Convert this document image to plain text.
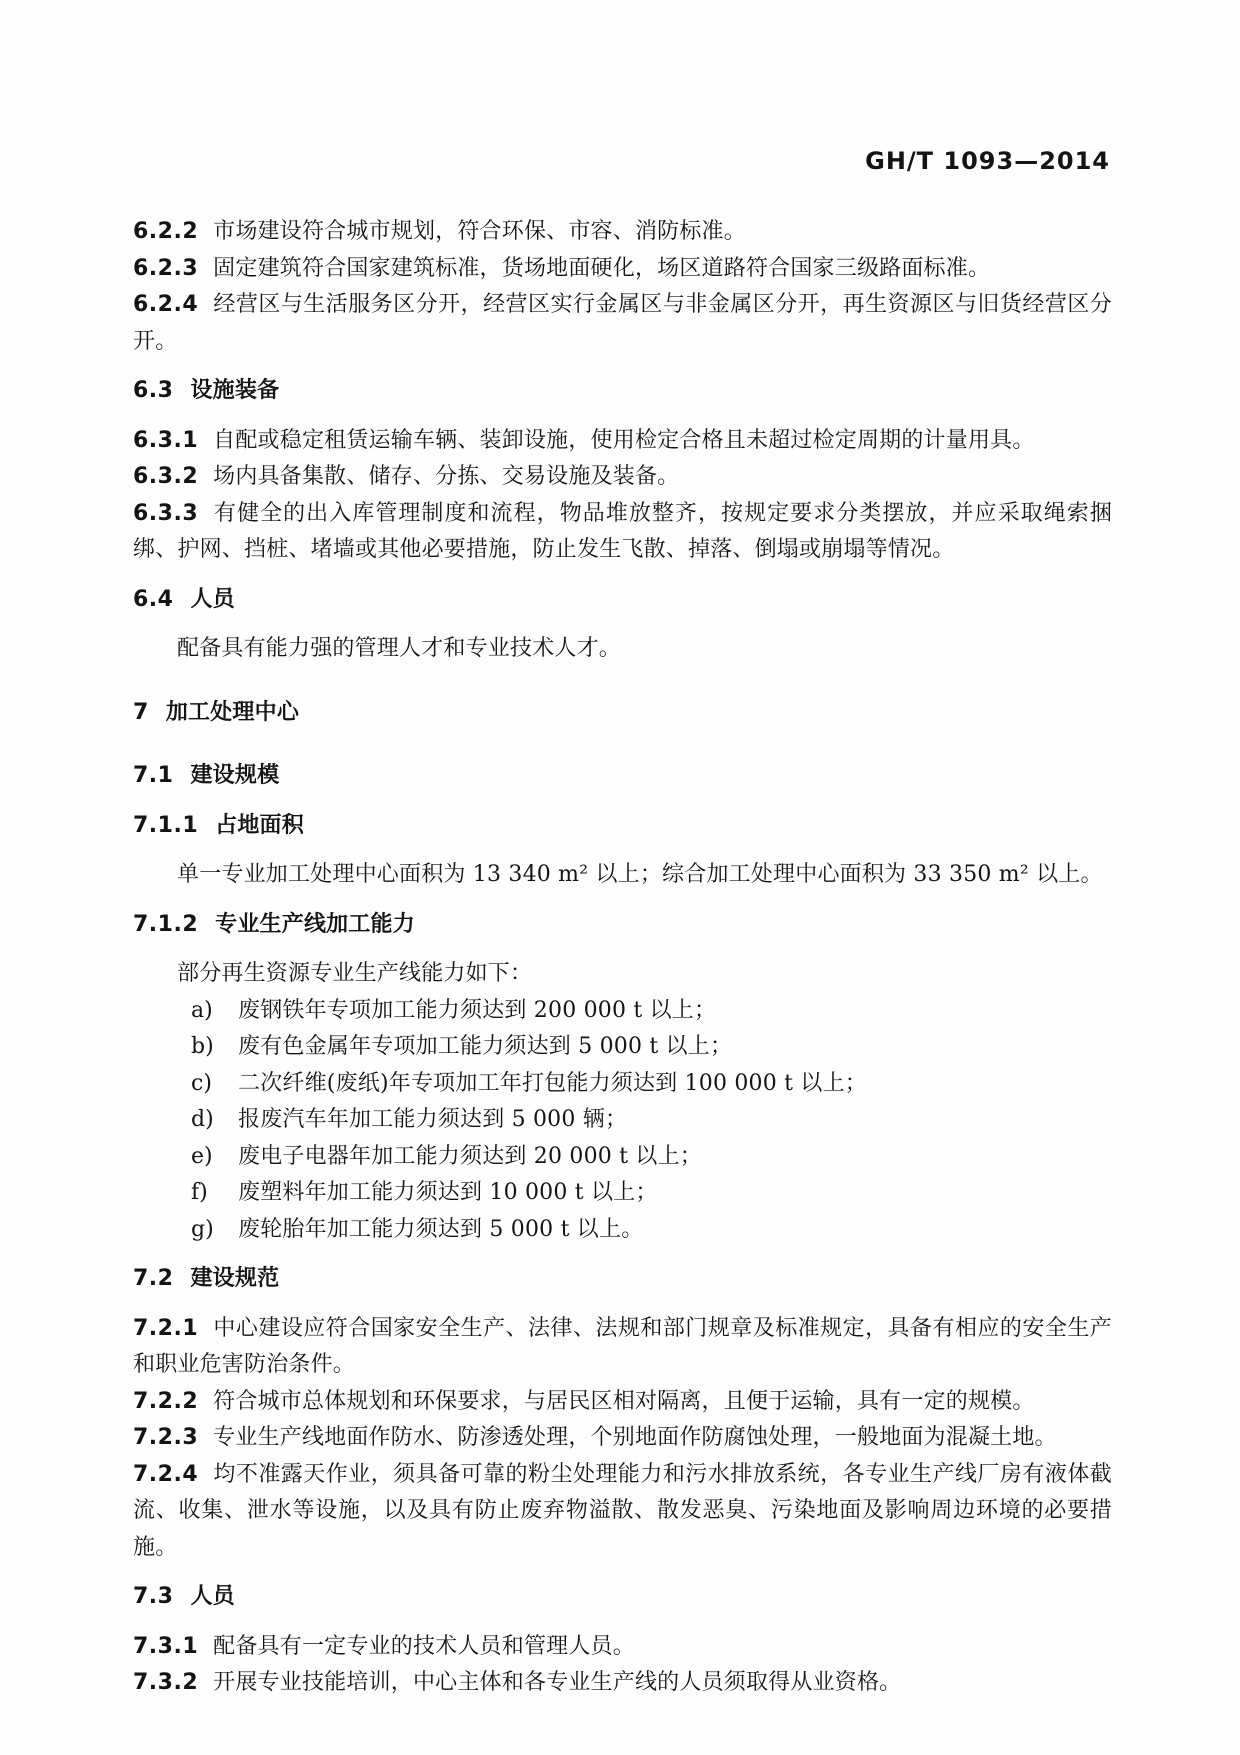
GH/T 1093—2014

6.2.2 市场建设符合城市规划，符合环保、市容、消防标准。

6.2.3 固定建筑符合国家建筑标准，货场地面硬化，场区道路符合国家三级路面标准。

6.2.4 经营区与生活服务区分开，经营区实行金属区与非金属区分开，再生资源区与旧货经营区分开。

6.3 设施装备

6.3.1 自配或稳定租赁运输车辆、装卸设施，使用检定合格且未超过检定周期的计量用具。

6.3.2 场内具备集散、储存、分拣、交易设施及装备。

6.3.3 有健全的出入库管理制度和流程，物品堆放整齐，按规定要求分类摆放，并应采取绳索捆绑、护网、挡桩、堵墙或其他必要措施，防止发生飞散、掉落、倒塌或崩塌等情况。

6.4 人员

配备具有能力强的管理人才和专业技术人才。

7 加工处理中心

7.1 建设规模

7.1.1 占地面积

单一专业加工处理中心面积为 13 340 m² 以上；综合加工处理中心面积为 33 350 m² 以上。

7.1.2 专业生产线加工能力

部分再生资源专业生产线能力如下：

a) 废钢铁年专项加工能力须达到 200 000 t 以上；

b) 废有色金属年专项加工能力须达到 5 000 t 以上；

c) 二次纤维(废纸)年专项加工年打包能力须达到 100 000 t 以上；

d) 报废汽车年加工能力须达到 5 000 辆；

e) 废电子电器年加工能力须达到 20 000 t 以上；

f) 废塑料年加工能力须达到 10 000 t 以上；

g) 废轮胎年加工能力须达到 5 000 t 以上。

7.2 建设规范

7.2.1 中心建设应符合国家安全生产、法律、法规和部门规章及标准规定，具备有相应的安全生产和职业危害防治条件。

7.2.2 符合城市总体规划和环保要求，与居民区相对隔离，且便于运输，具有一定的规模。

7.2.3 专业生产线地面作防水、防渗透处理，个别地面作防腐蚀处理，一般地面为混凝土地。

7.2.4 均不准露天作业，须具备可靠的粉尘处理能力和污水排放系统，各专业生产线厂房有液体截流、收集、泄水等设施，以及具有防止废弃物溢散、散发恶臭、污染地面及影响周边环境的必要措施。

7.3 人员

7.3.1 配备具有一定专业的技术人员和管理人员。

7.3.2 开展专业技能培训，中心主体和各专业生产线的人员须取得从业资格。
